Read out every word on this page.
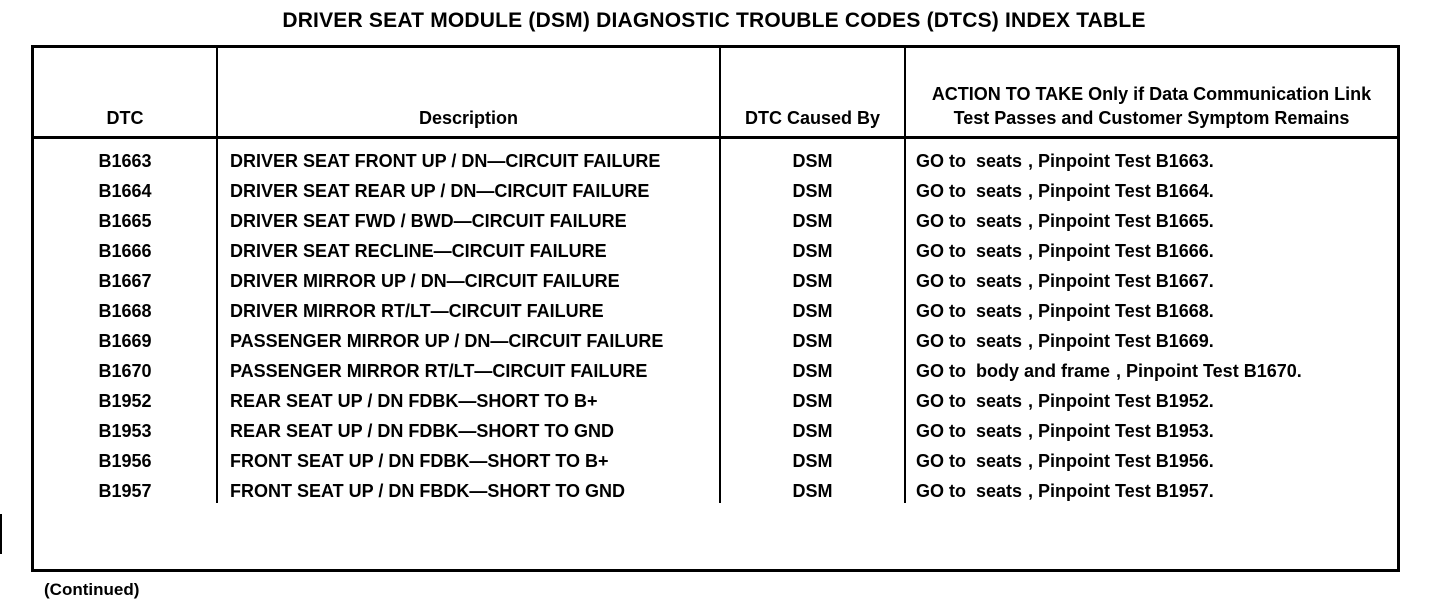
DRIVER SEAT MODULE (DSM) DIAGNOSTIC TROUBLE CODES (DTCS) INDEX TABLE
DTC	Description	DTC Caused By	ACTION TO TAKE Only if Data Communication Link Test Passes and Customer Symptom Remains
B1663	DRIVER SEAT FRONT UP / DN—CIRCUIT FAILURE	DSM	GO to seats , Pinpoint Test B1663.
B1664	DRIVER SEAT REAR UP / DN—CIRCUIT FAILURE	DSM	GO to seats , Pinpoint Test B1664.
B1665	DRIVER SEAT FWD / BWD—CIRCUIT FAILURE	DSM	GO to seats , Pinpoint Test B1665.
B1666	DRIVER SEAT RECLINE—CIRCUIT FAILURE	DSM	GO to seats , Pinpoint Test B1666.
B1667	DRIVER MIRROR UP / DN—CIRCUIT FAILURE	DSM	GO to seats , Pinpoint Test B1667.
B1668	DRIVER MIRROR RT/LT—CIRCUIT FAILURE	DSM	GO to seats , Pinpoint Test B1668.
B1669	PASSENGER MIRROR UP / DN—CIRCUIT FAILURE	DSM	GO to seats , Pinpoint Test B1669.
B1670	PASSENGER MIRROR RT/LT—CIRCUIT FAILURE	DSM	GO to body and frame , Pinpoint Test B1670.
B1952	REAR SEAT UP / DN FDBK—SHORT TO B+	DSM	GO to seats , Pinpoint Test B1952.
B1953	REAR SEAT UP / DN FDBK—SHORT TO GND	DSM	GO to seats , Pinpoint Test B1953.
B1956	FRONT SEAT UP / DN FDBK—SHORT TO B+	DSM	GO to seats , Pinpoint Test B1956.
B1957	FRONT SEAT UP / DN FBDK—SHORT TO GND	DSM	GO to seats , Pinpoint Test B1957.
(Continued)
